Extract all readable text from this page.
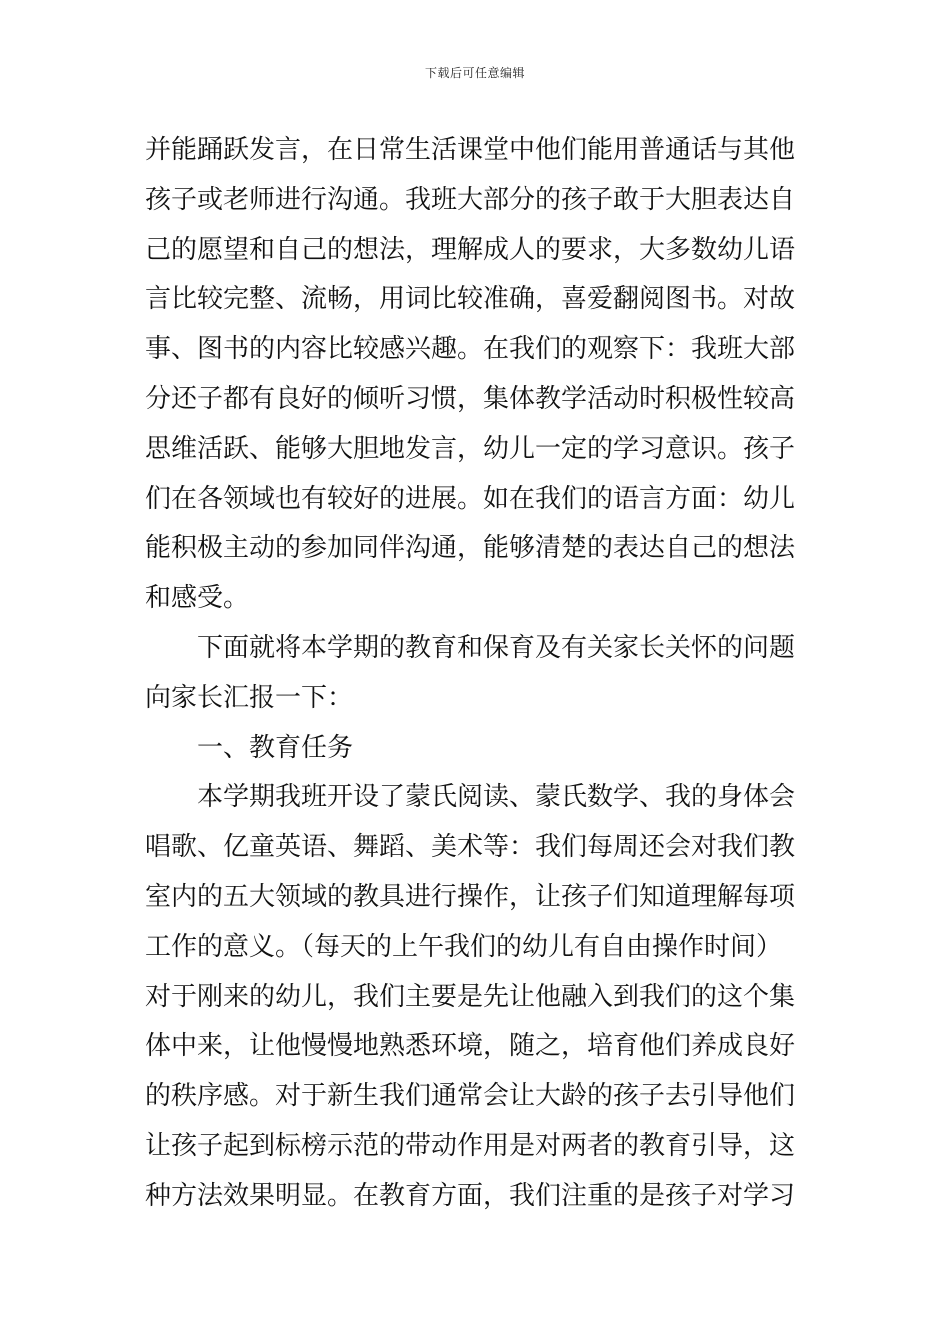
下载后可任意编辑
并能踊跃发言，在日常生活课堂中他们能用普通话与其他
孩子或老师进行沟通。我班大部分的孩子敢于大胆表达自
己的愿望和自己的想法，理解成人的要求，大多数幼儿语
言比较完整、流畅，用词比较准确，喜爱翻阅图书。对故
事、图书的内容比较感兴趣。在我们的观察下：我班大部
分还子都有良好的倾听习惯，集体教学活动时积极性较高
思维活跃、能够大胆地发言，幼儿一定的学习意识。孩子
们在各领域也有较好的进展。如在我们的语言方面：幼儿
能积极主动的参加同伴沟通，能够清楚的表达自己的想法
和感受。
下面就将本学期的教育和保育及有关家长关怀的问题
向家长汇报一下：
一、教育任务
本学期我班开设了蒙氏阅读、蒙氏数学、我的身体会
唱歌、亿童英语、舞蹈、美术等：我们每周还会对我们教
室内的五大领域的教具进行操作，让孩子们知道理解每项
工作的意义。（每天的上午我们的幼儿有自由操作时间）
对于刚来的幼儿，我们主要是先让他融入到我们的这个集
体中来，让他慢慢地熟悉环境，随之，培育他们养成良好
的秩序感。对于新生我们通常会让大龄的孩子去引导他们
让孩子起到标榜示范的带动作用是对两者的教育引导，这
种方法效果明显。在教育方面，我们注重的是孩子对学习
